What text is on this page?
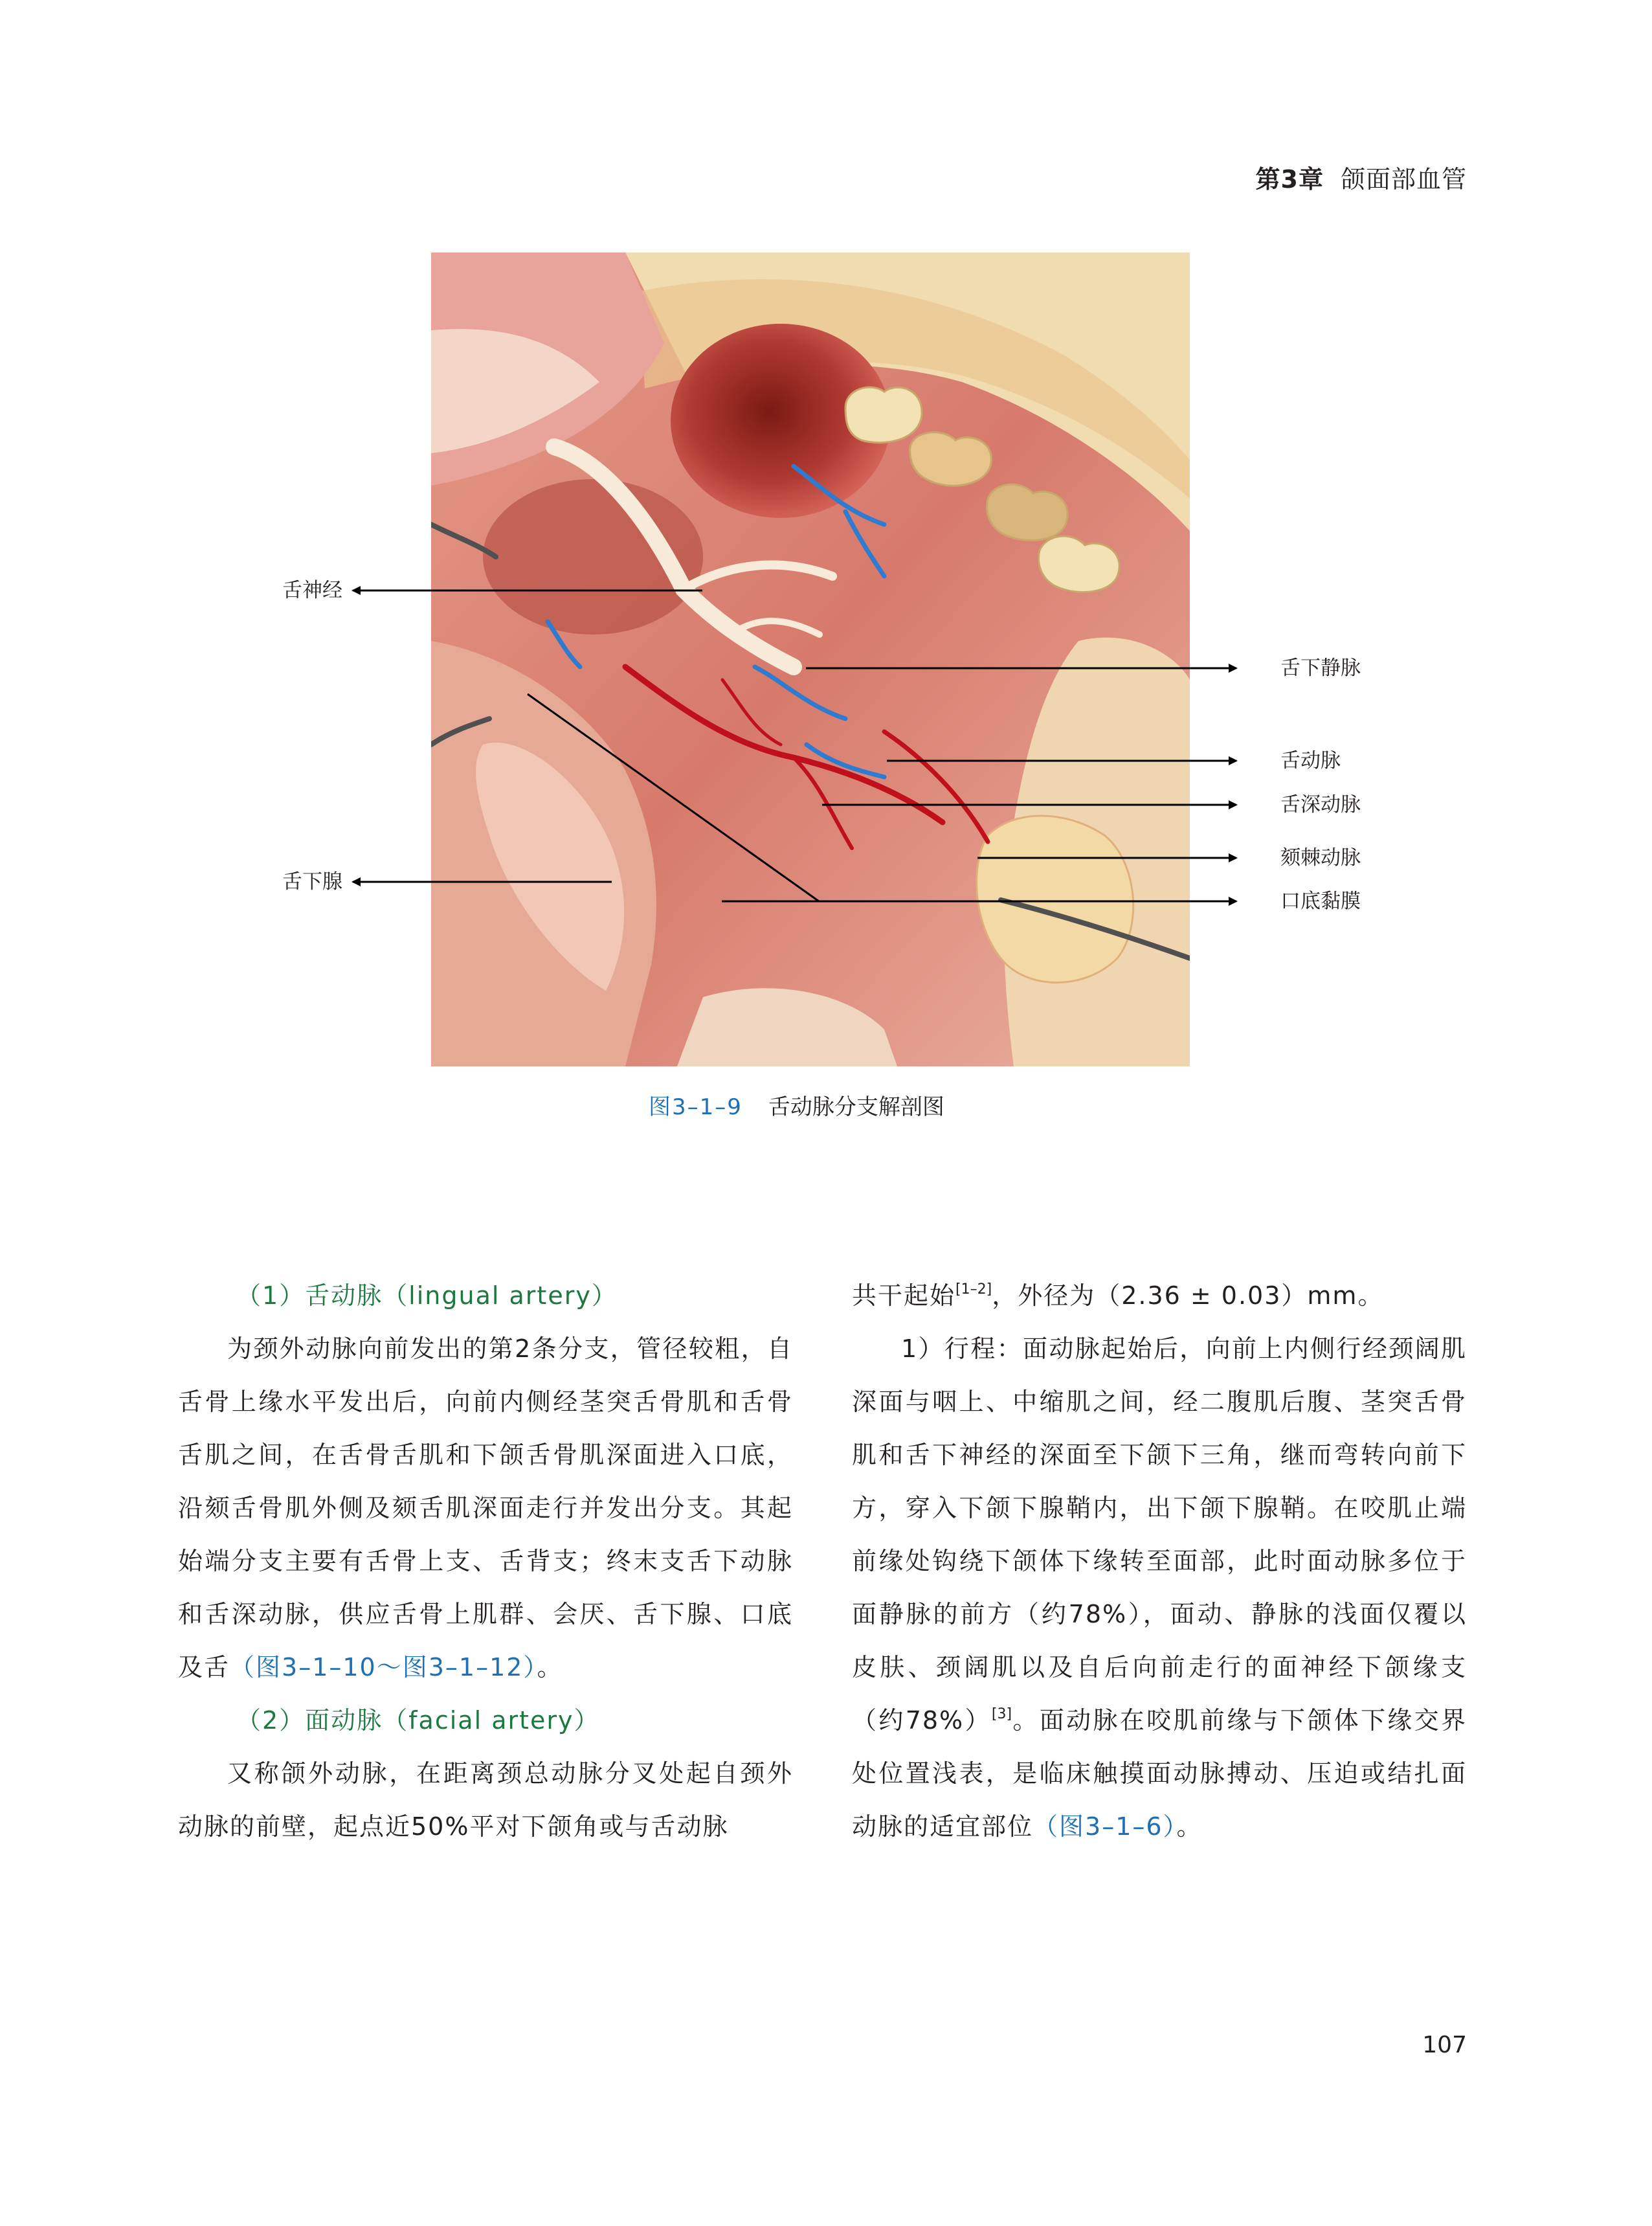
第3章 颌面部血管
舌神经
舌下腺
舌下静脉
舌动脉
舌深动脉
颏棘动脉
口底黏膜
图3–1–9 舌动脉分支解剖图

（1）舌动脉（lingual artery）

为颈外动脉向前发出的第2条分支，管径较粗，自舌骨上缘水平发出后，向前内侧经茎突舌骨肌和舌骨舌肌之间，在舌骨舌肌和下颌舌骨肌深面进入口底，沿颏舌骨肌外侧及颏舌肌深面走行并发出分支。其起始端分支主要有舌骨上支、舌背支；终末支舌下动脉和舌深动脉，供应舌骨上肌群、会厌、舌下腺、口底及舌（图3–1–10～图3–1–12）。

（2）面动脉（facial artery）

又称颌外动脉，在距离颈总动脉分叉处起自颈外动脉的前壁，起点近50%平对下颌角或与舌动脉

共干起始[1–2]，外径为（2.36 ± 0.03）mm。

1）行程：面动脉起始后，向前上内侧行经颈阔肌深面与咽上、中缩肌之间，经二腹肌后腹、茎突舌骨肌和舌下神经的深面至下颌下三角，继而弯转向前下方，穿入下颌下腺鞘内，出下颌下腺鞘。在咬肌止端前缘处钩绕下颌体下缘转至面部，此时面动脉多位于面静脉的前方（约78%），面动、静脉的浅面仅覆以皮肤、颈阔肌以及自后向前走行的面神经下颌缘支（约78%）[3]。面动脉在咬肌前缘与下颌体下缘交界处位置浅表，是临床触摸面动脉搏动、压迫或结扎面动脉的适宜部位（图3–1–6）。

107
